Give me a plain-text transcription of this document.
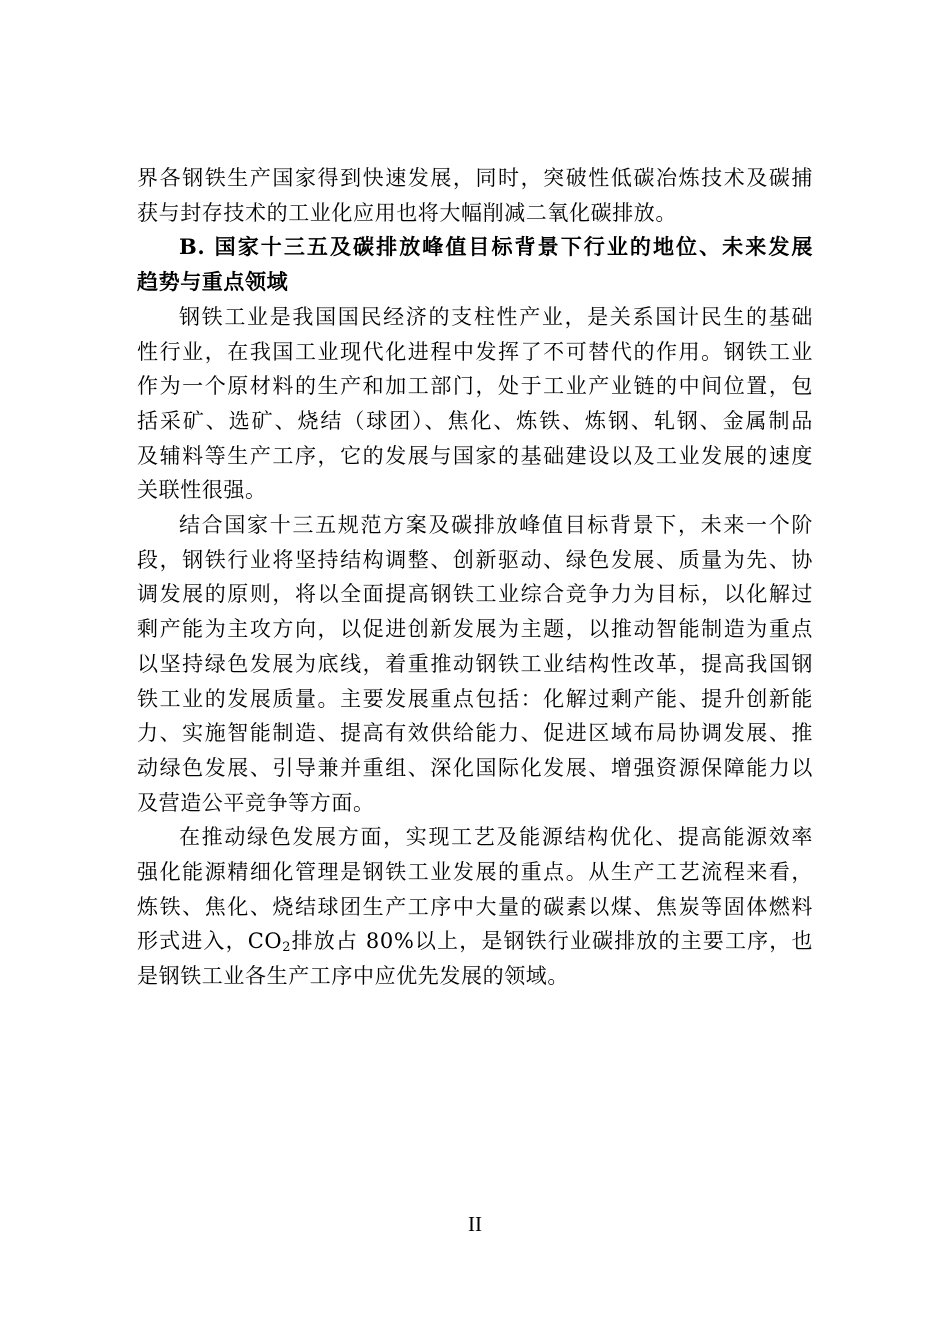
界各钢铁生产国家得到快速发展，同时，突破性低碳冶炼技术及碳捕
获与封存技术的工业化应用也将大幅削减二氧化碳排放。
B. 国家十三五及碳排放峰值目标背景下行业的地位、未来发展
趋势与重点领域
钢铁工业是我国国民经济的支柱性产业，是关系国计民生的基础
性行业，在我国工业现代化进程中发挥了不可替代的作用。钢铁工业
作为一个原材料的生产和加工部门，处于工业产业链的中间位置，包
括采矿、选矿、烧结（球团）、焦化、炼铁、炼钢、轧钢、金属制品
及辅料等生产工序，它的发展与国家的基础建设以及工业发展的速度
关联性很强。
结合国家十三五规范方案及碳排放峰值目标背景下，未来一个阶
段，钢铁行业将坚持结构调整、创新驱动、绿色发展、质量为先、协
调发展的原则，将以全面提高钢铁工业综合竞争力为目标，以化解过
剩产能为主攻方向，以促进创新发展为主题，以推动智能制造为重点
以坚持绿色发展为底线，着重推动钢铁工业结构性改革，提高我国钢
铁工业的发展质量。主要发展重点包括：化解过剩产能、提升创新能
力、实施智能制造、提高有效供给能力、促进区域布局协调发展、推
动绿色发展、引导兼并重组、深化国际化发展、增强资源保障能力以
及营造公平竞争等方面。
在推动绿色发展方面，实现工艺及能源结构优化、提高能源效率
强化能源精细化管理是钢铁工业发展的重点。从生产工艺流程来看，
炼铁、焦化、烧结球团生产工序中大量的碳素以煤、焦炭等固体燃料
形式进入，$CO_2$排放占 80%以上，是钢铁行业碳排放的主要工序，也
是钢铁工业各生产工序中应优先发展的领域。
II
